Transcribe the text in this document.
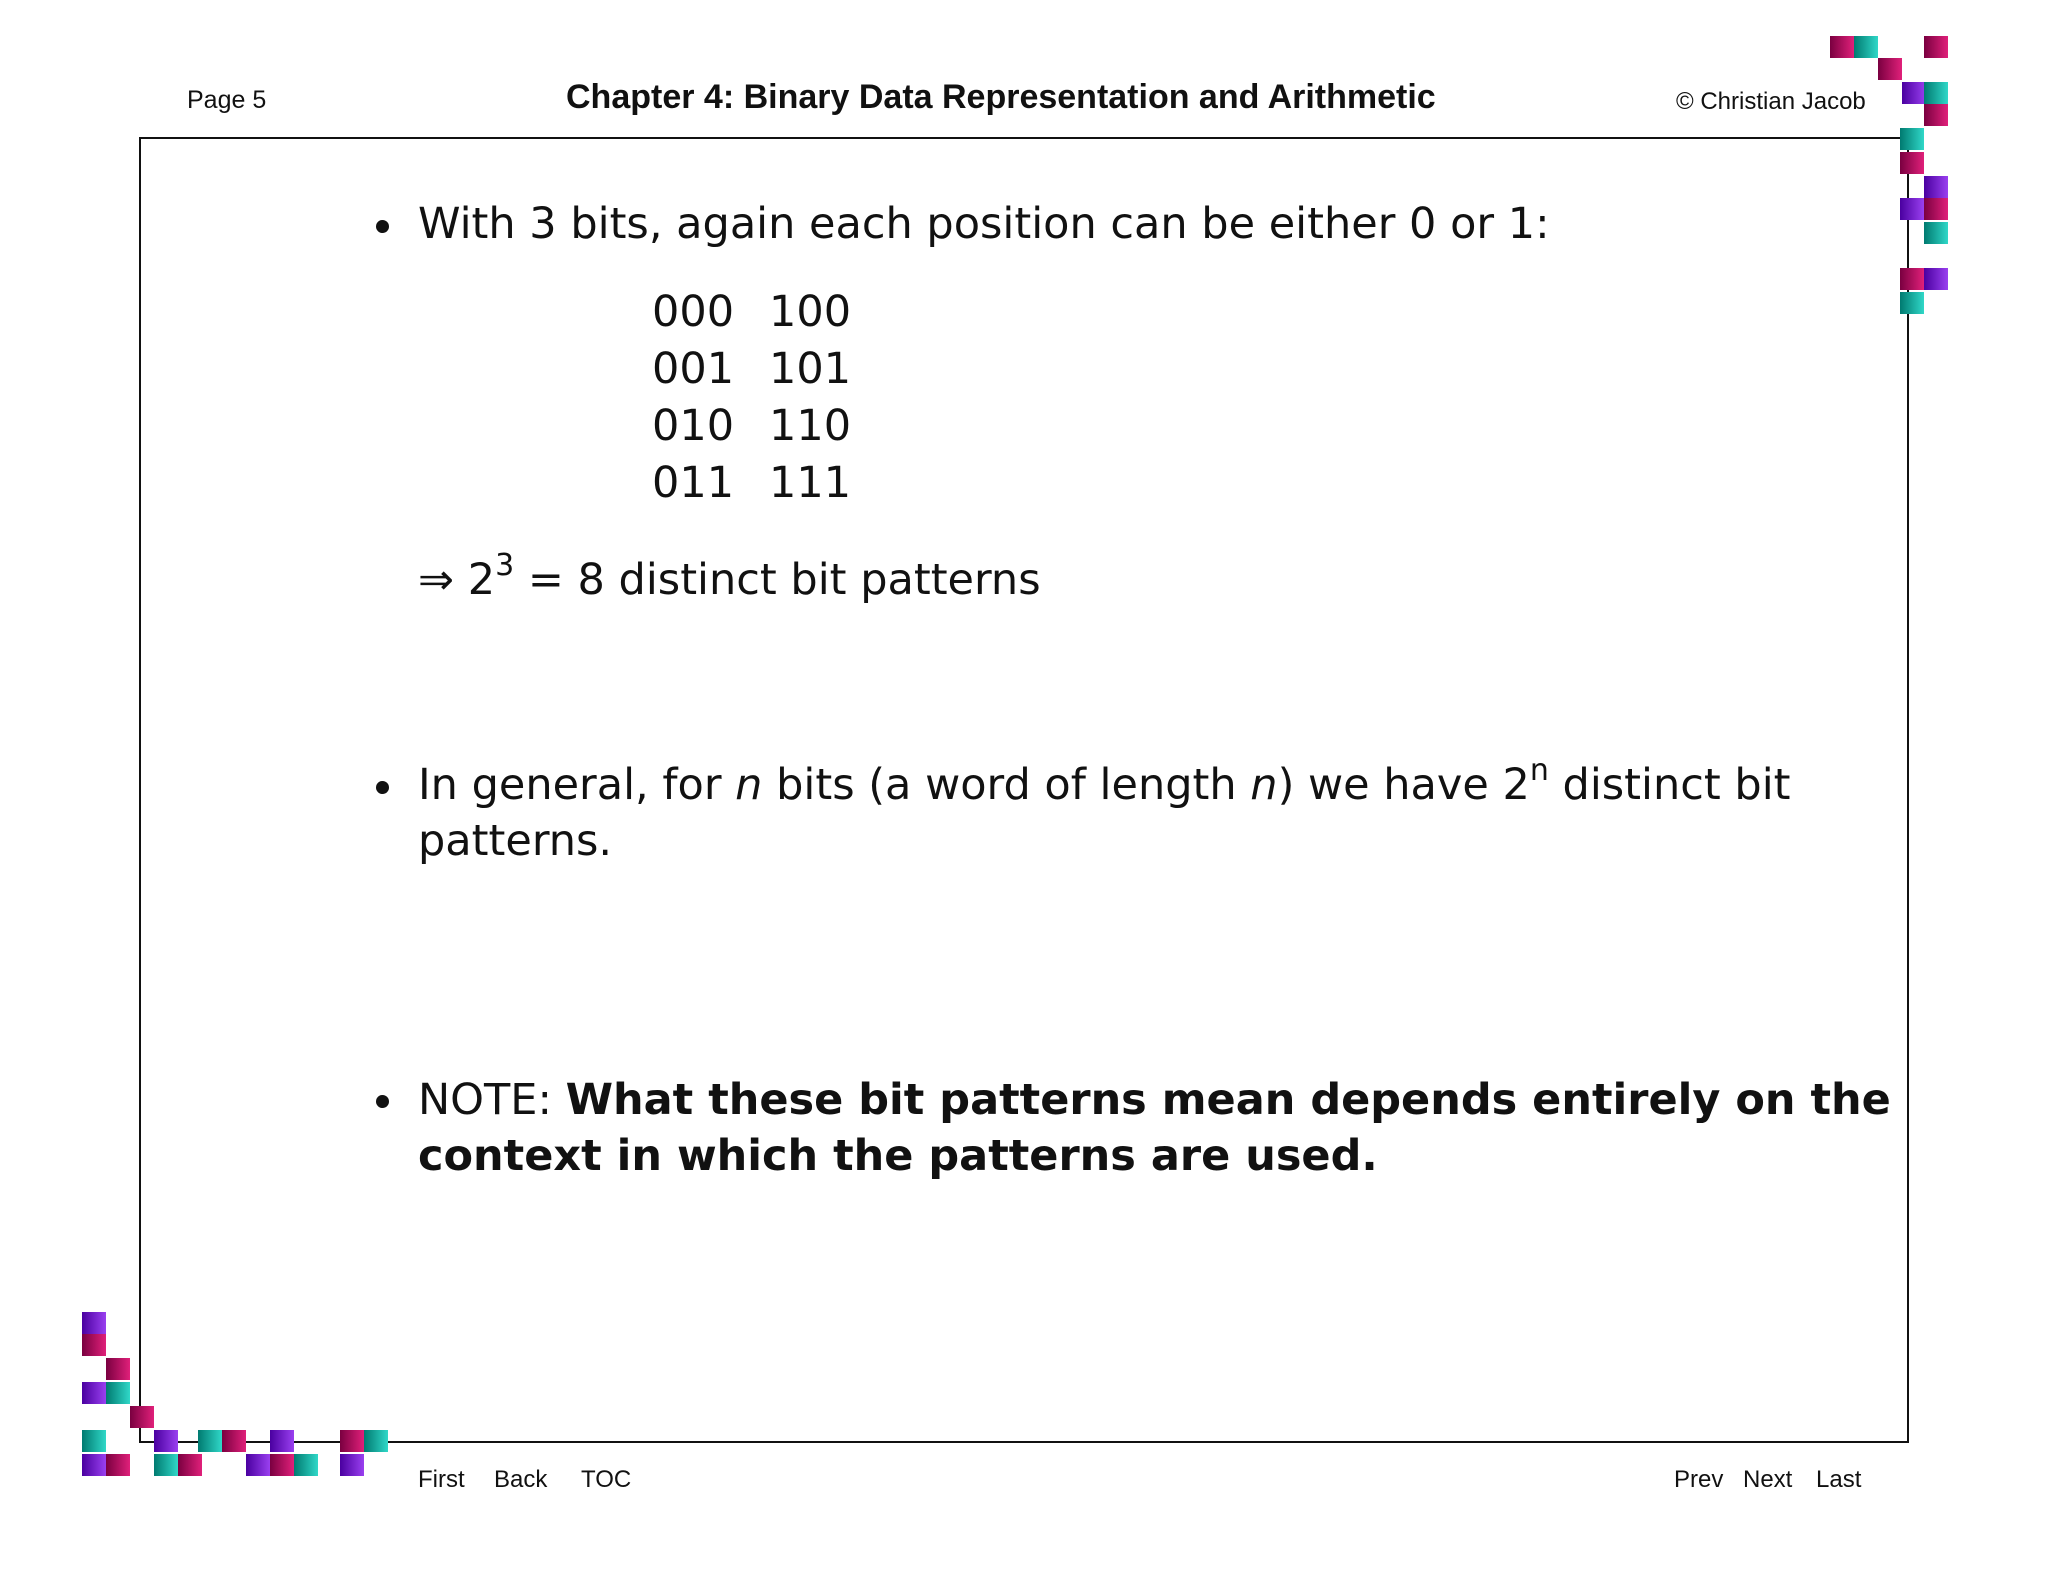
Page 5	Chapter 4: Binary Data Representation and Arithmetic	© Christian Jacob
With 3 bits, again each position can be either 0 or 1:
000 100
001 101
010 110
011 111
⇒ $2^3 = 8$ distinct bit patterns
In general, for n bits (a word of length n) we have 2$^n$ distinct bit
patterns.
NOTE: What these bit patterns mean depends entirely on the
context in which the patterns are used.
First Back TOC	Prev Next Last
